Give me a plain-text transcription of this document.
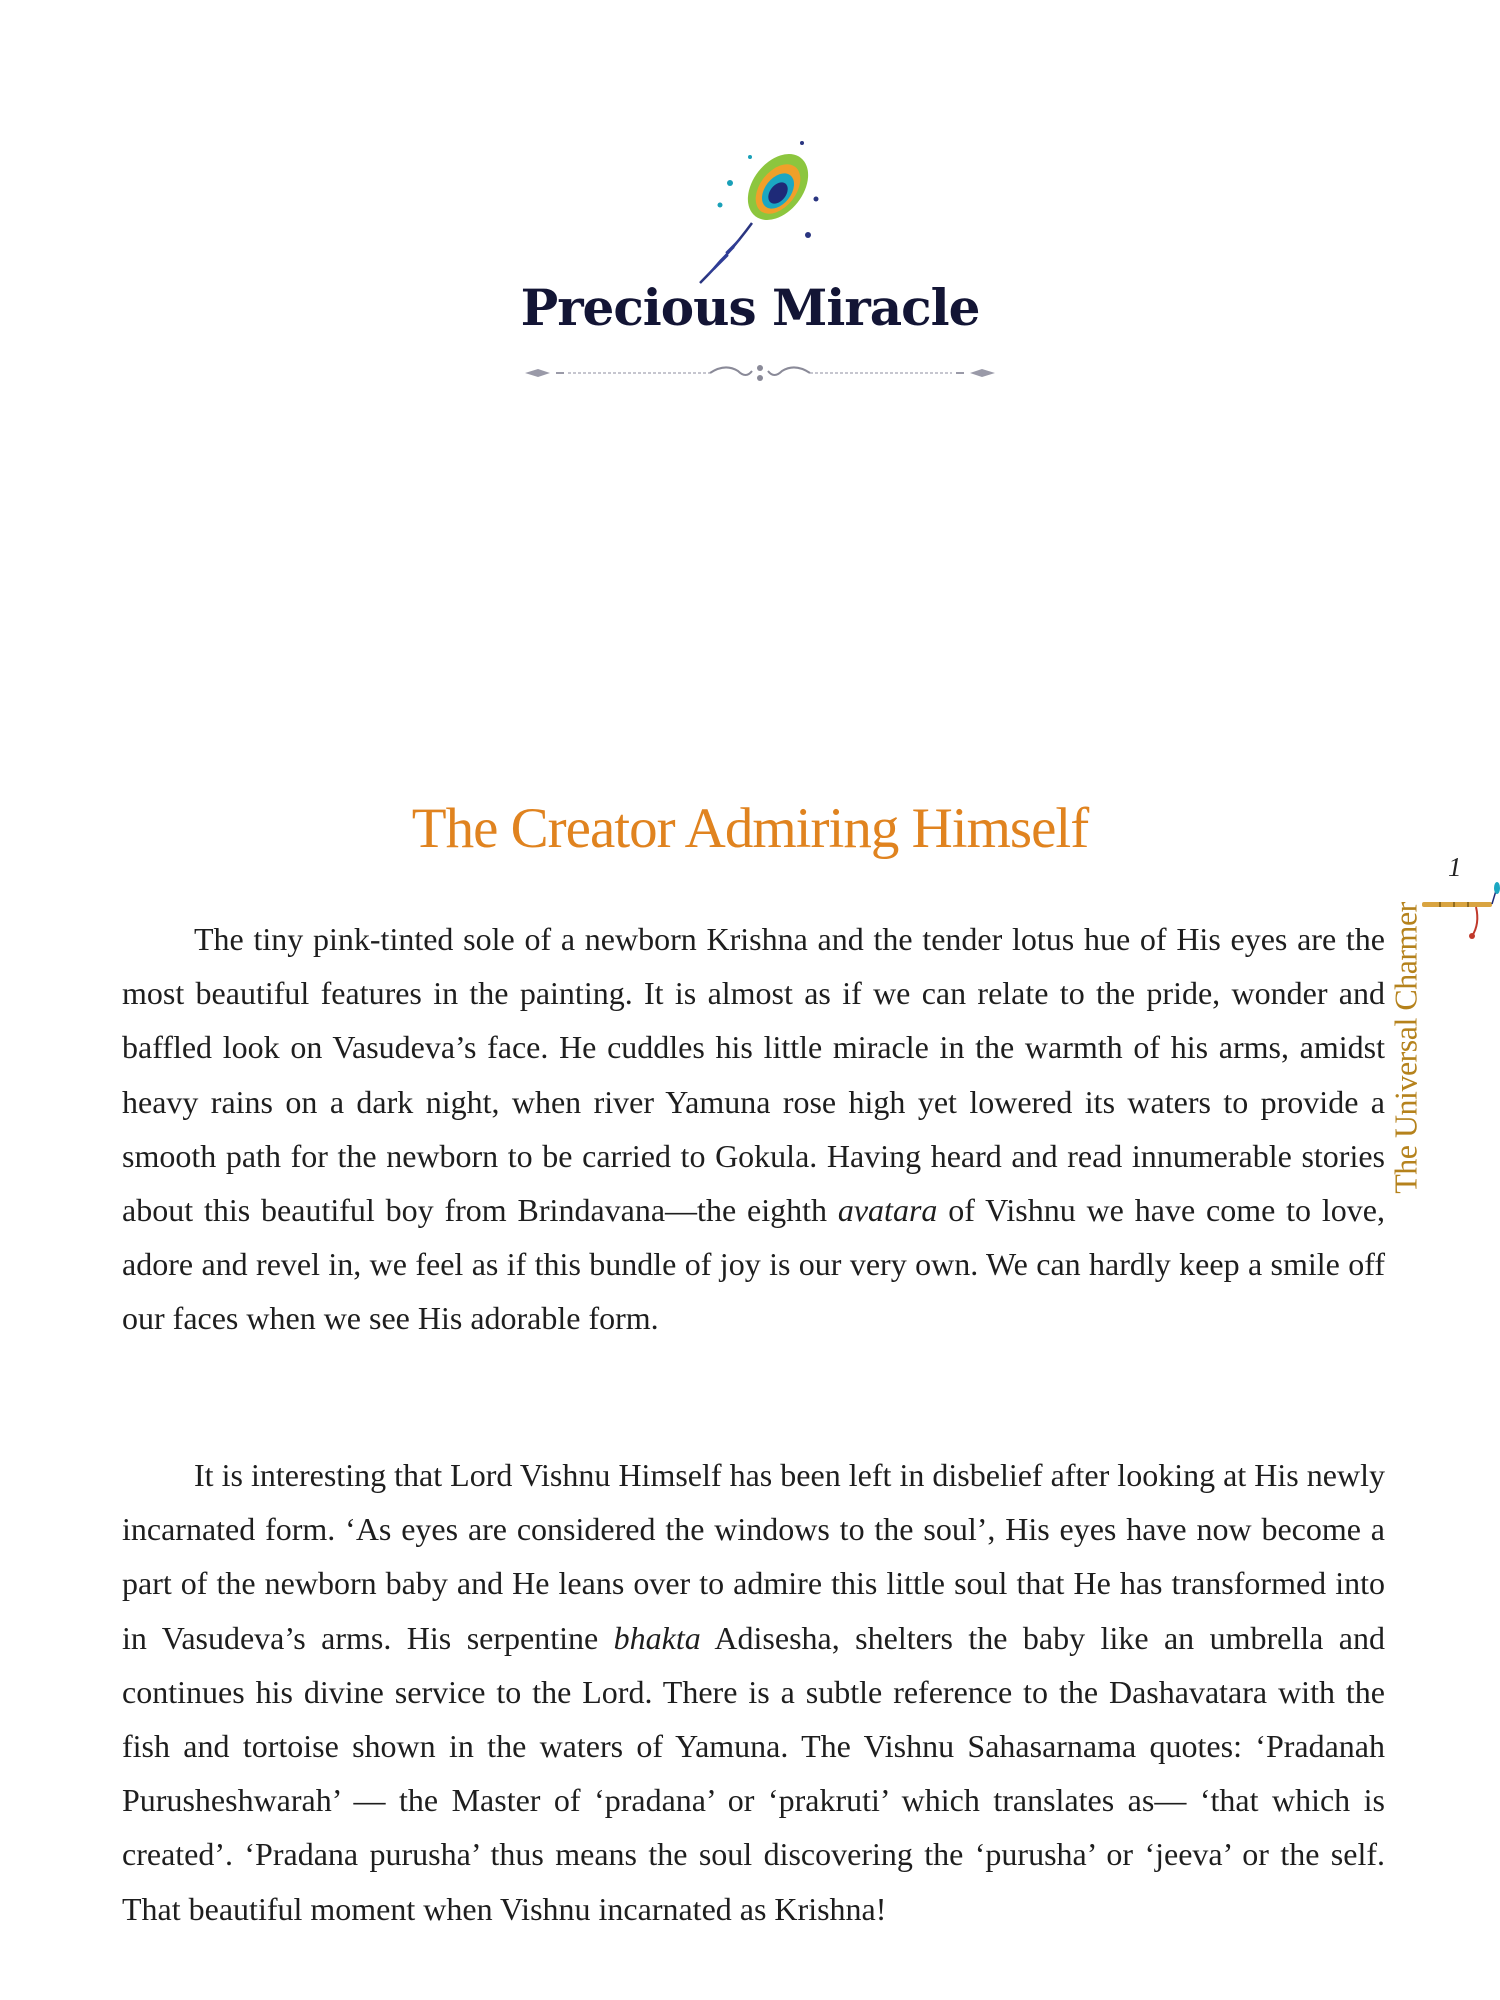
Precious Miracle
The Creator Admiring Himself

The tiny pink-tinted sole of a newborn Krishna and the tender lotus hue of His eyes are the most beautiful features in the painting. It is almost as if we can relate to the pride, wonder and baffled look on Vasudeva’s face. He cuddles his little miracle in the warmth of his arms, amidst heavy rains on a dark night, when river Yamuna rose high yet lowered its waters to provide a smooth path for the newborn to be carried to Gokula. Having heard and read innumerable stories about this beautiful boy from Brindavana—the eighth avatara of Vishnu we have come to love, adore and revel in, we feel as if this bundle of joy is our very own. We can hardly keep a smile off our faces when we see His adorable form.

It is interesting that Lord Vishnu Himself has been left in disbelief after looking at His newly incarnated form. ‘As eyes are considered the windows to the soul’, His eyes have now become a part of the newborn baby and He leans over to admire this little soul that He has transformed into in Vasudeva’s arms. His serpentine bhakta Adisesha, shelters the baby like an umbrella and continues his divine service to the Lord. There is a subtle reference to the Dashavatara with the fish and tortoise shown in the waters of Yamuna. The Vishnu Sahasarnama quotes: ‘Pradanah Purusheshwarah’ — the Master of ‘pradana’ or ‘prakruti’ which translates as— ‘that which is created’. ‘Pradana purusha’ thus means the soul discovering the ‘purusha’ or ‘jeeva’ or the self. That beautiful moment when Vishnu incarnated as Krishna!

1
The Universal Charmer
